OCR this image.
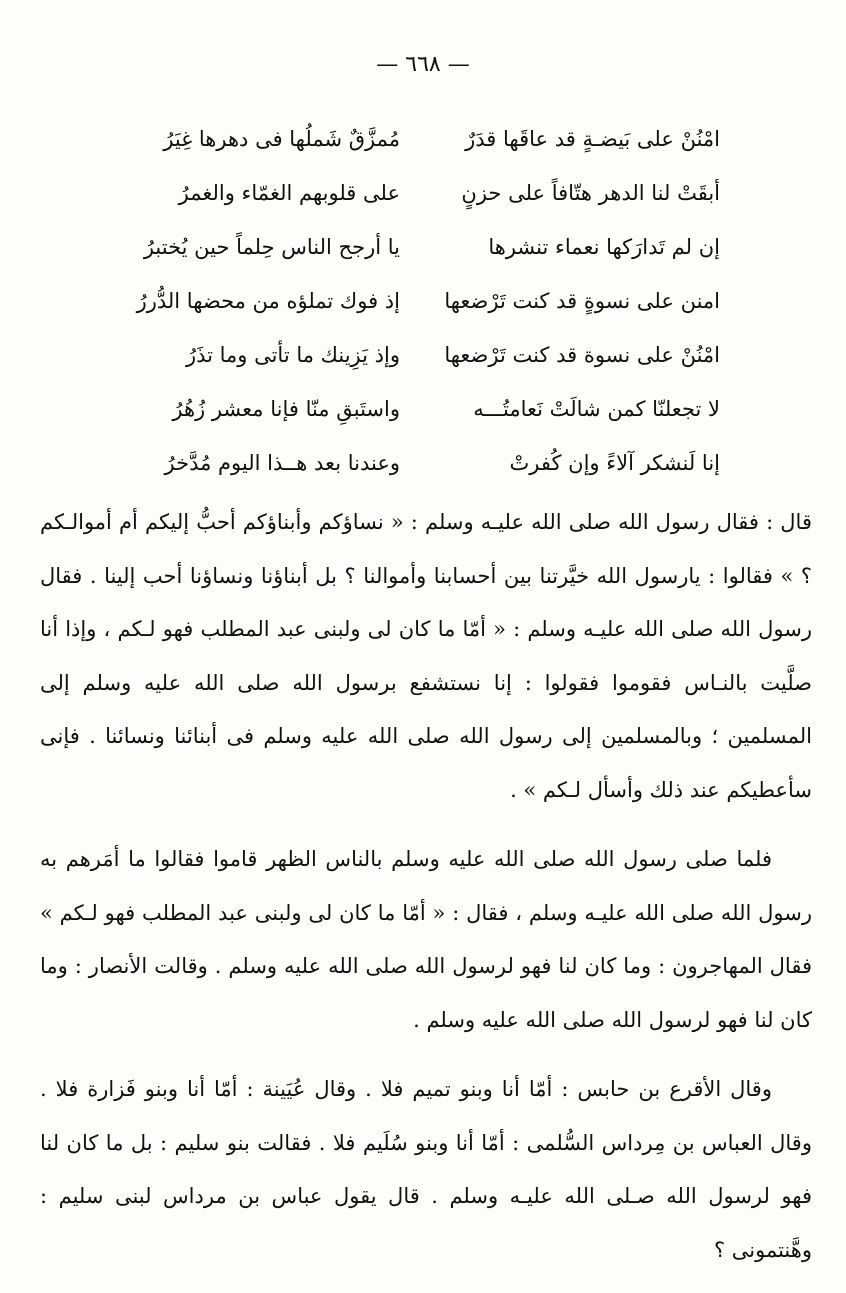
— ٦٦٨ —
امْنُنْ على بَيضـةٍ قد عاقَها قدَرٌ
مُمزَّقٌ شَملُها فى دهرها غِيَرُ
أبقَتْ لنا الدهر هتّافاً على حزنٍ
على قلوبهم الغمّاء والغمرُ
إن لم تَدارَكها نعماء تنشرها
يا أرجح الناس حِلماً حين يُختبرُ
امنن على نسوةٍ قد كنت تَرْضعها
إذ فوك تملؤه من محضها الدُّررُ
امْنُنْ على نسوة قد كنت تَرْضعها
وإذ يَزِينك ما تأتى وما تذَرُ
لا تجعلنّا كمن شالَتْ نَعامتُـــه
واستَبقِ منّا فإنا معشر زُهُرُ
إنا لَنشكر آلاءً وإن كُفرتْ
وعندنا بعد هــذا اليوم مُدَّخرُ

قال : فقال رسول الله صلى الله عليـه وسلم : « نساؤكم وأبناؤكم أحبُّ إليكم أم أموالـكم ؟ » فقالوا : يارسول الله خيَّرتنا بين أحسابنا وأموالنا ؟ بل أبناؤنا ونساؤنا أحب إلينا . فقال رسول الله صلى الله عليـه وسلم : « أمّا ما كان لى ولبنى عبد المطلب فهو لـكم ، وإذا أنا صلَّيت بالنـاس فقوموا فقولوا : إنا نستشفع برسول الله صلى الله عليه وسلم إلى المسلمين ؛ وبالمسلمين إلى رسول الله صلى الله عليه وسلم فى أبنائنا ونسائنا . فإنى سأعطيكم عند ذلك وأسأل لـكم » .

فلما صلى رسول الله صلى الله عليه وسلم بالناس الظهر قاموا فقالوا ما أمَرهم به رسول الله صلى الله عليـه وسلم ، فقال : « أمّا ما كان لى ولبنى عبد المطلب فهو لـكم » فقال المهاجرون : وما كان لنا فهو لرسول الله صلى الله عليه وسلم . وقالت الأنصار : وما كان لنا فهو لرسول الله صلى الله عليه وسلم .

وقال الأقرع بن حابس : أمّا أنا وبنو تميم فلا . وقال عُيَينة : أمّا أنا وبنو فَزارة فلا . وقال العباس بن مِرداس السُّلمى : أمّا أنا وبنو سُلَيم فلا . فقالت بنو سليم : بل ما كان لنا فهو لرسول الله صـلى الله عليـه وسلم . قال يقول عباس بن مرداس لبنى سليم : وهَّنتمونى ؟
